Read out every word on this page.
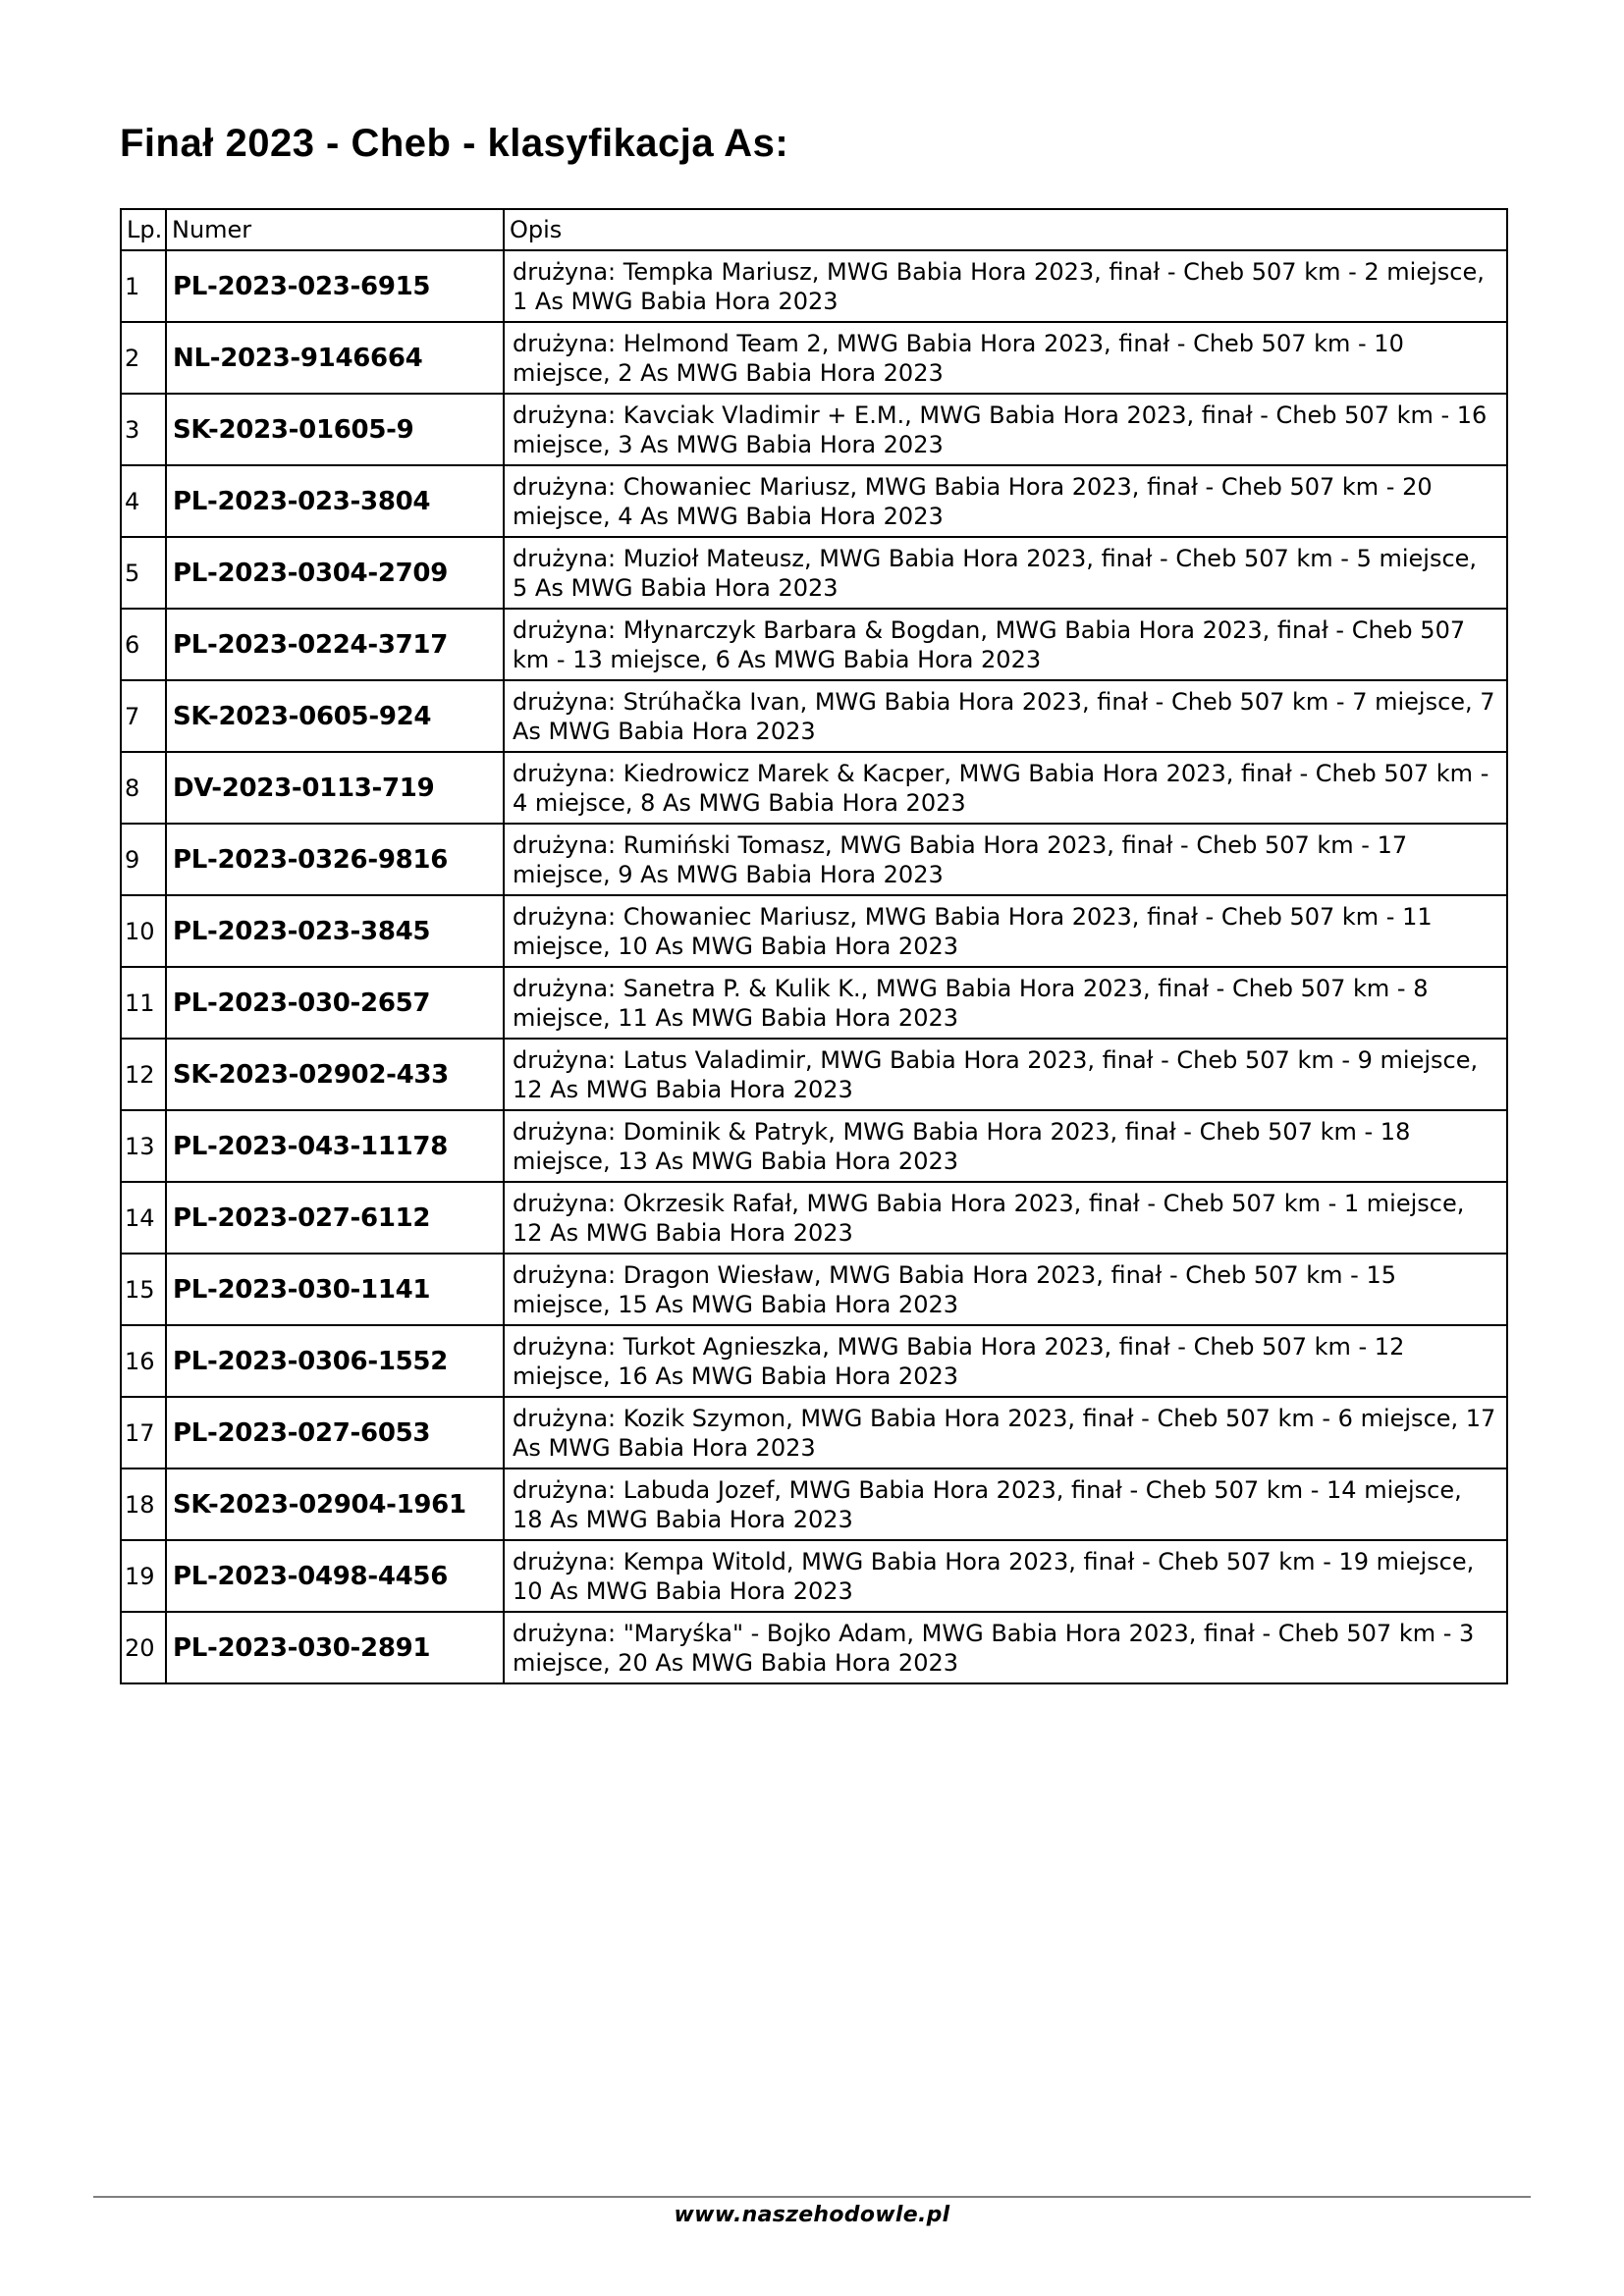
Finał 2023 - Cheb - klasyfikacja As:
Lp.	Numer	Opis
1	PL-2023-023-6915	drużyna: Tempka Mariusz, MWG Babia Hora 2023, finał - Cheb 507 km - 2 miejsce, 1 As MWG Babia Hora 2023
2	NL-2023-9146664	drużyna: Helmond Team 2, MWG Babia Hora 2023, finał - Cheb 507 km - 10 miejsce, 2 As MWG Babia Hora 2023
3	SK-2023-01605-9	drużyna: Kavciak Vladimir + E.M., MWG Babia Hora 2023, finał - Cheb 507 km - 16 miejsce, 3 As MWG Babia Hora 2023
4	PL-2023-023-3804	drużyna: Chowaniec Mariusz, MWG Babia Hora 2023, finał - Cheb 507 km - 20 miejsce, 4 As MWG Babia Hora 2023
5	PL-2023-0304-2709	drużyna: Muzioł Mateusz, MWG Babia Hora 2023, finał - Cheb 507 km - 5 miejsce, 5 As MWG Babia Hora 2023
6	PL-2023-0224-3717	drużyna: Młynarczyk Barbara & Bogdan, MWG Babia Hora 2023, finał - Cheb 507 km - 13 miejsce, 6 As MWG Babia Hora 2023
7	SK-2023-0605-924	drużyna: Strúhačka Ivan, MWG Babia Hora 2023, finał - Cheb 507 km - 7 miejsce, 7 As MWG Babia Hora 2023
8	DV-2023-0113-719	drużyna: Kiedrowicz Marek & Kacper, MWG Babia Hora 2023, finał - Cheb 507 km - 4 miejsce, 8 As MWG Babia Hora 2023
9	PL-2023-0326-9816	drużyna: Rumiński Tomasz, MWG Babia Hora 2023, finał - Cheb 507 km - 17 miejsce, 9 As MWG Babia Hora 2023
10	PL-2023-023-3845	drużyna: Chowaniec Mariusz, MWG Babia Hora 2023, finał - Cheb 507 km - 11 miejsce, 10 As MWG Babia Hora 2023
11	PL-2023-030-2657	drużyna: Sanetra P. & Kulik K., MWG Babia Hora 2023, finał - Cheb 507 km - 8 miejsce, 11 As MWG Babia Hora 2023
12	SK-2023-02902-433	drużyna: Latus Valadimir, MWG Babia Hora 2023, finał - Cheb 507 km - 9 miejsce, 12 As MWG Babia Hora 2023
13	PL-2023-043-11178	drużyna: Dominik & Patryk, MWG Babia Hora 2023, finał - Cheb 507 km - 18 miejsce, 13 As MWG Babia Hora 2023
14	PL-2023-027-6112	drużyna: Okrzesik Rafał, MWG Babia Hora 2023, finał - Cheb 507 km - 1 miejsce, 12 As MWG Babia Hora 2023
15	PL-2023-030-1141	drużyna: Dragon Wiesław, MWG Babia Hora 2023, finał - Cheb 507 km - 15 miejsce, 15 As MWG Babia Hora 2023
16	PL-2023-0306-1552	drużyna: Turkot Agnieszka, MWG Babia Hora 2023, finał - Cheb 507 km - 12 miejsce, 16 As MWG Babia Hora 2023
17	PL-2023-027-6053	drużyna: Kozik Szymon, MWG Babia Hora 2023, finał - Cheb 507 km - 6 miejsce, 17 As MWG Babia Hora 2023
18	SK-2023-02904-1961	drużyna: Labuda Jozef, MWG Babia Hora 2023, finał - Cheb 507 km - 14 miejsce, 18 As MWG Babia Hora 2023
19	PL-2023-0498-4456	drużyna: Kempa Witold, MWG Babia Hora 2023, finał - Cheb 507 km - 19 miejsce, 10 As MWG Babia Hora 2023
20	PL-2023-030-2891	drużyna: "Maryśka" - Bojko Adam, MWG Babia Hora 2023, finał - Cheb 507 km - 3 miejsce, 20 As MWG Babia Hora 2023
www.naszehodowle.pl
